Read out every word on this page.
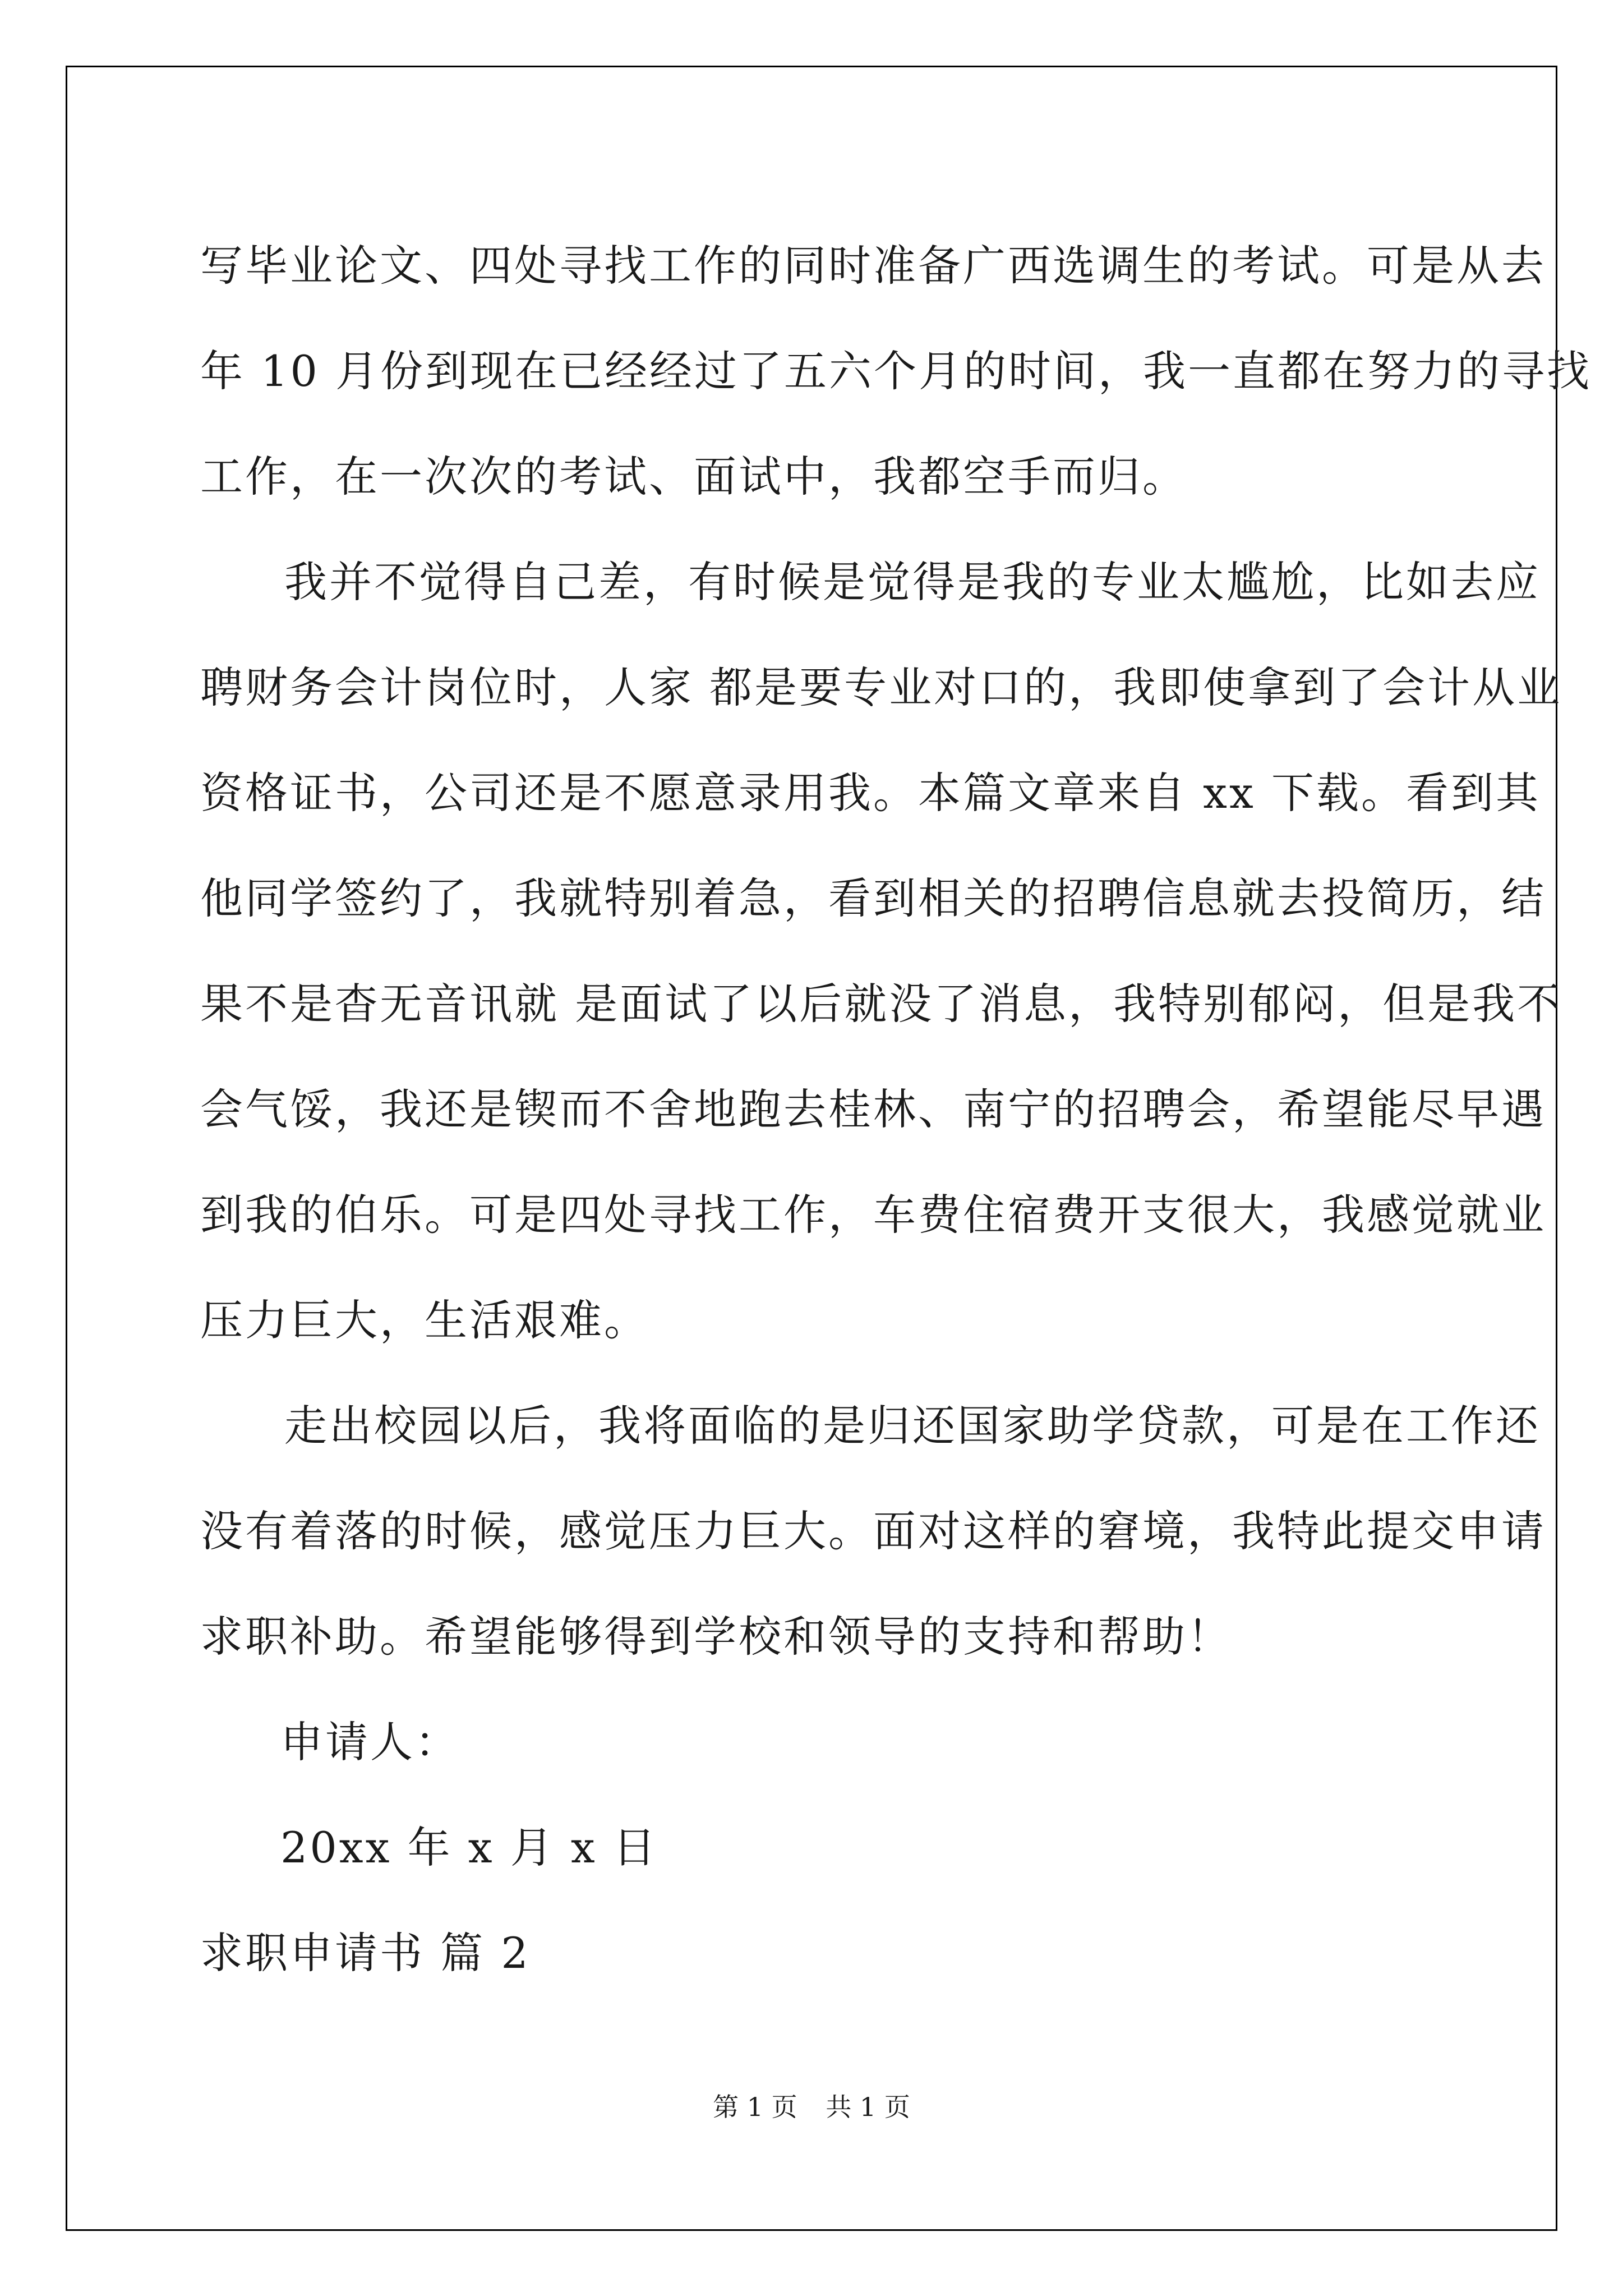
写毕业论文、四处寻找工作的同时准备广西选调生的考试。可是从去
年 10 月份到现在已经经过了五六个月的时间，我一直都在努力的寻找
工作，在一次次的考试、面试中，我都空手而归。
我并不觉得自己差，有时候是觉得是我的专业太尴尬，比如去应
聘财务会计岗位时，人家 都是要专业对口的，我即使拿到了会计从业
资格证书，公司还是不愿意录用我。本篇文章来自 xx 下载。看到其
他同学签约了，我就特别着急，看到相关的招聘信息就去投简历，结
果不是杳无音讯就 是面试了以后就没了消息，我特别郁闷，但是我不
会气馁，我还是锲而不舍地跑去桂林、南宁的招聘会，希望能尽早遇
到我的伯乐。可是四处寻找工作，车费住宿费开支很大，我感觉就业
压力巨大，生活艰难。
走出校园以后，我将面临的是归还国家助学贷款，可是在工作还
没有着落的时候，感觉压力巨大。面对这样的窘境，我特此提交申请
求职补助。希望能够得到学校和领导的支持和帮助！

申请人：

20xx 年 x 月 x 日

求职申请书 篇 2

第 1 页 共 1 页
